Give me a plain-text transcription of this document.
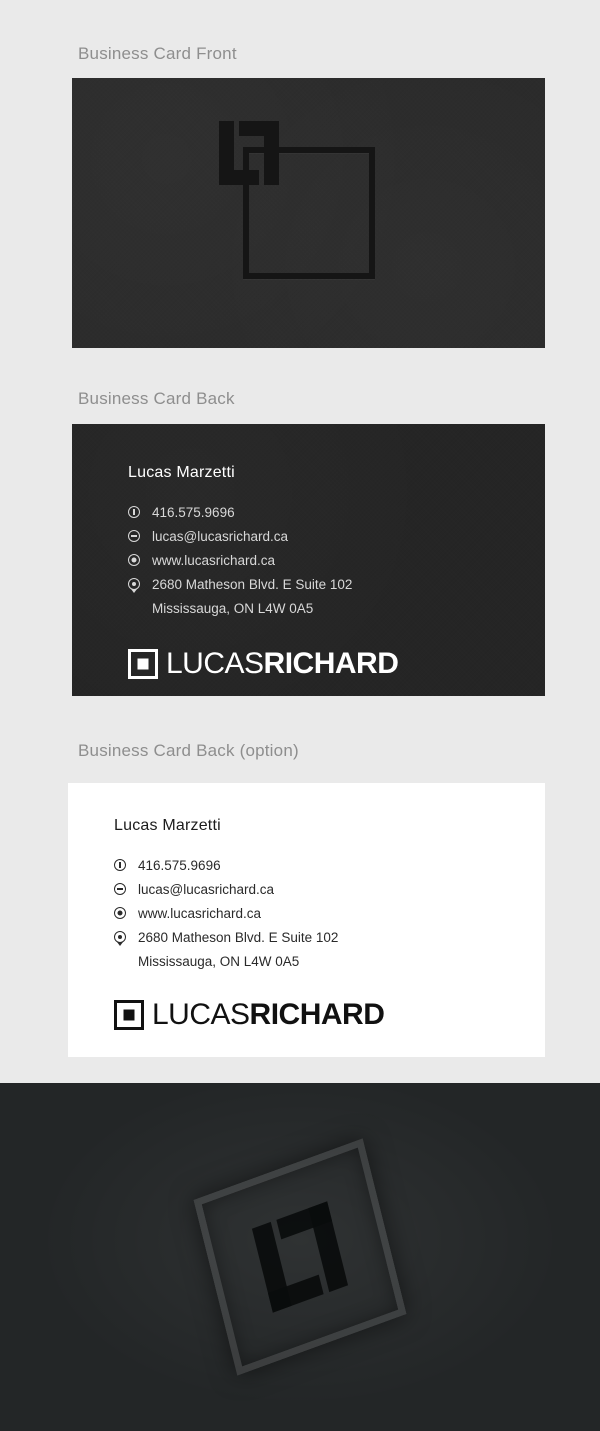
Business Card Front
Business Card Back
Lucas Marzetti
416.575.9696
lucas@lucasrichard.ca
www.lucasrichard.ca
2680 Matheson Blvd. E Suite 102
Mississauga, ON L4W 0A5
LUCASRICHARD
Business Card Back (option)
Lucas Marzetti
416.575.9696
lucas@lucasrichard.ca
www.lucasrichard.ca
2680 Matheson Blvd. E Suite 102
Mississauga, ON L4W 0A5
LUCASRICHARD
